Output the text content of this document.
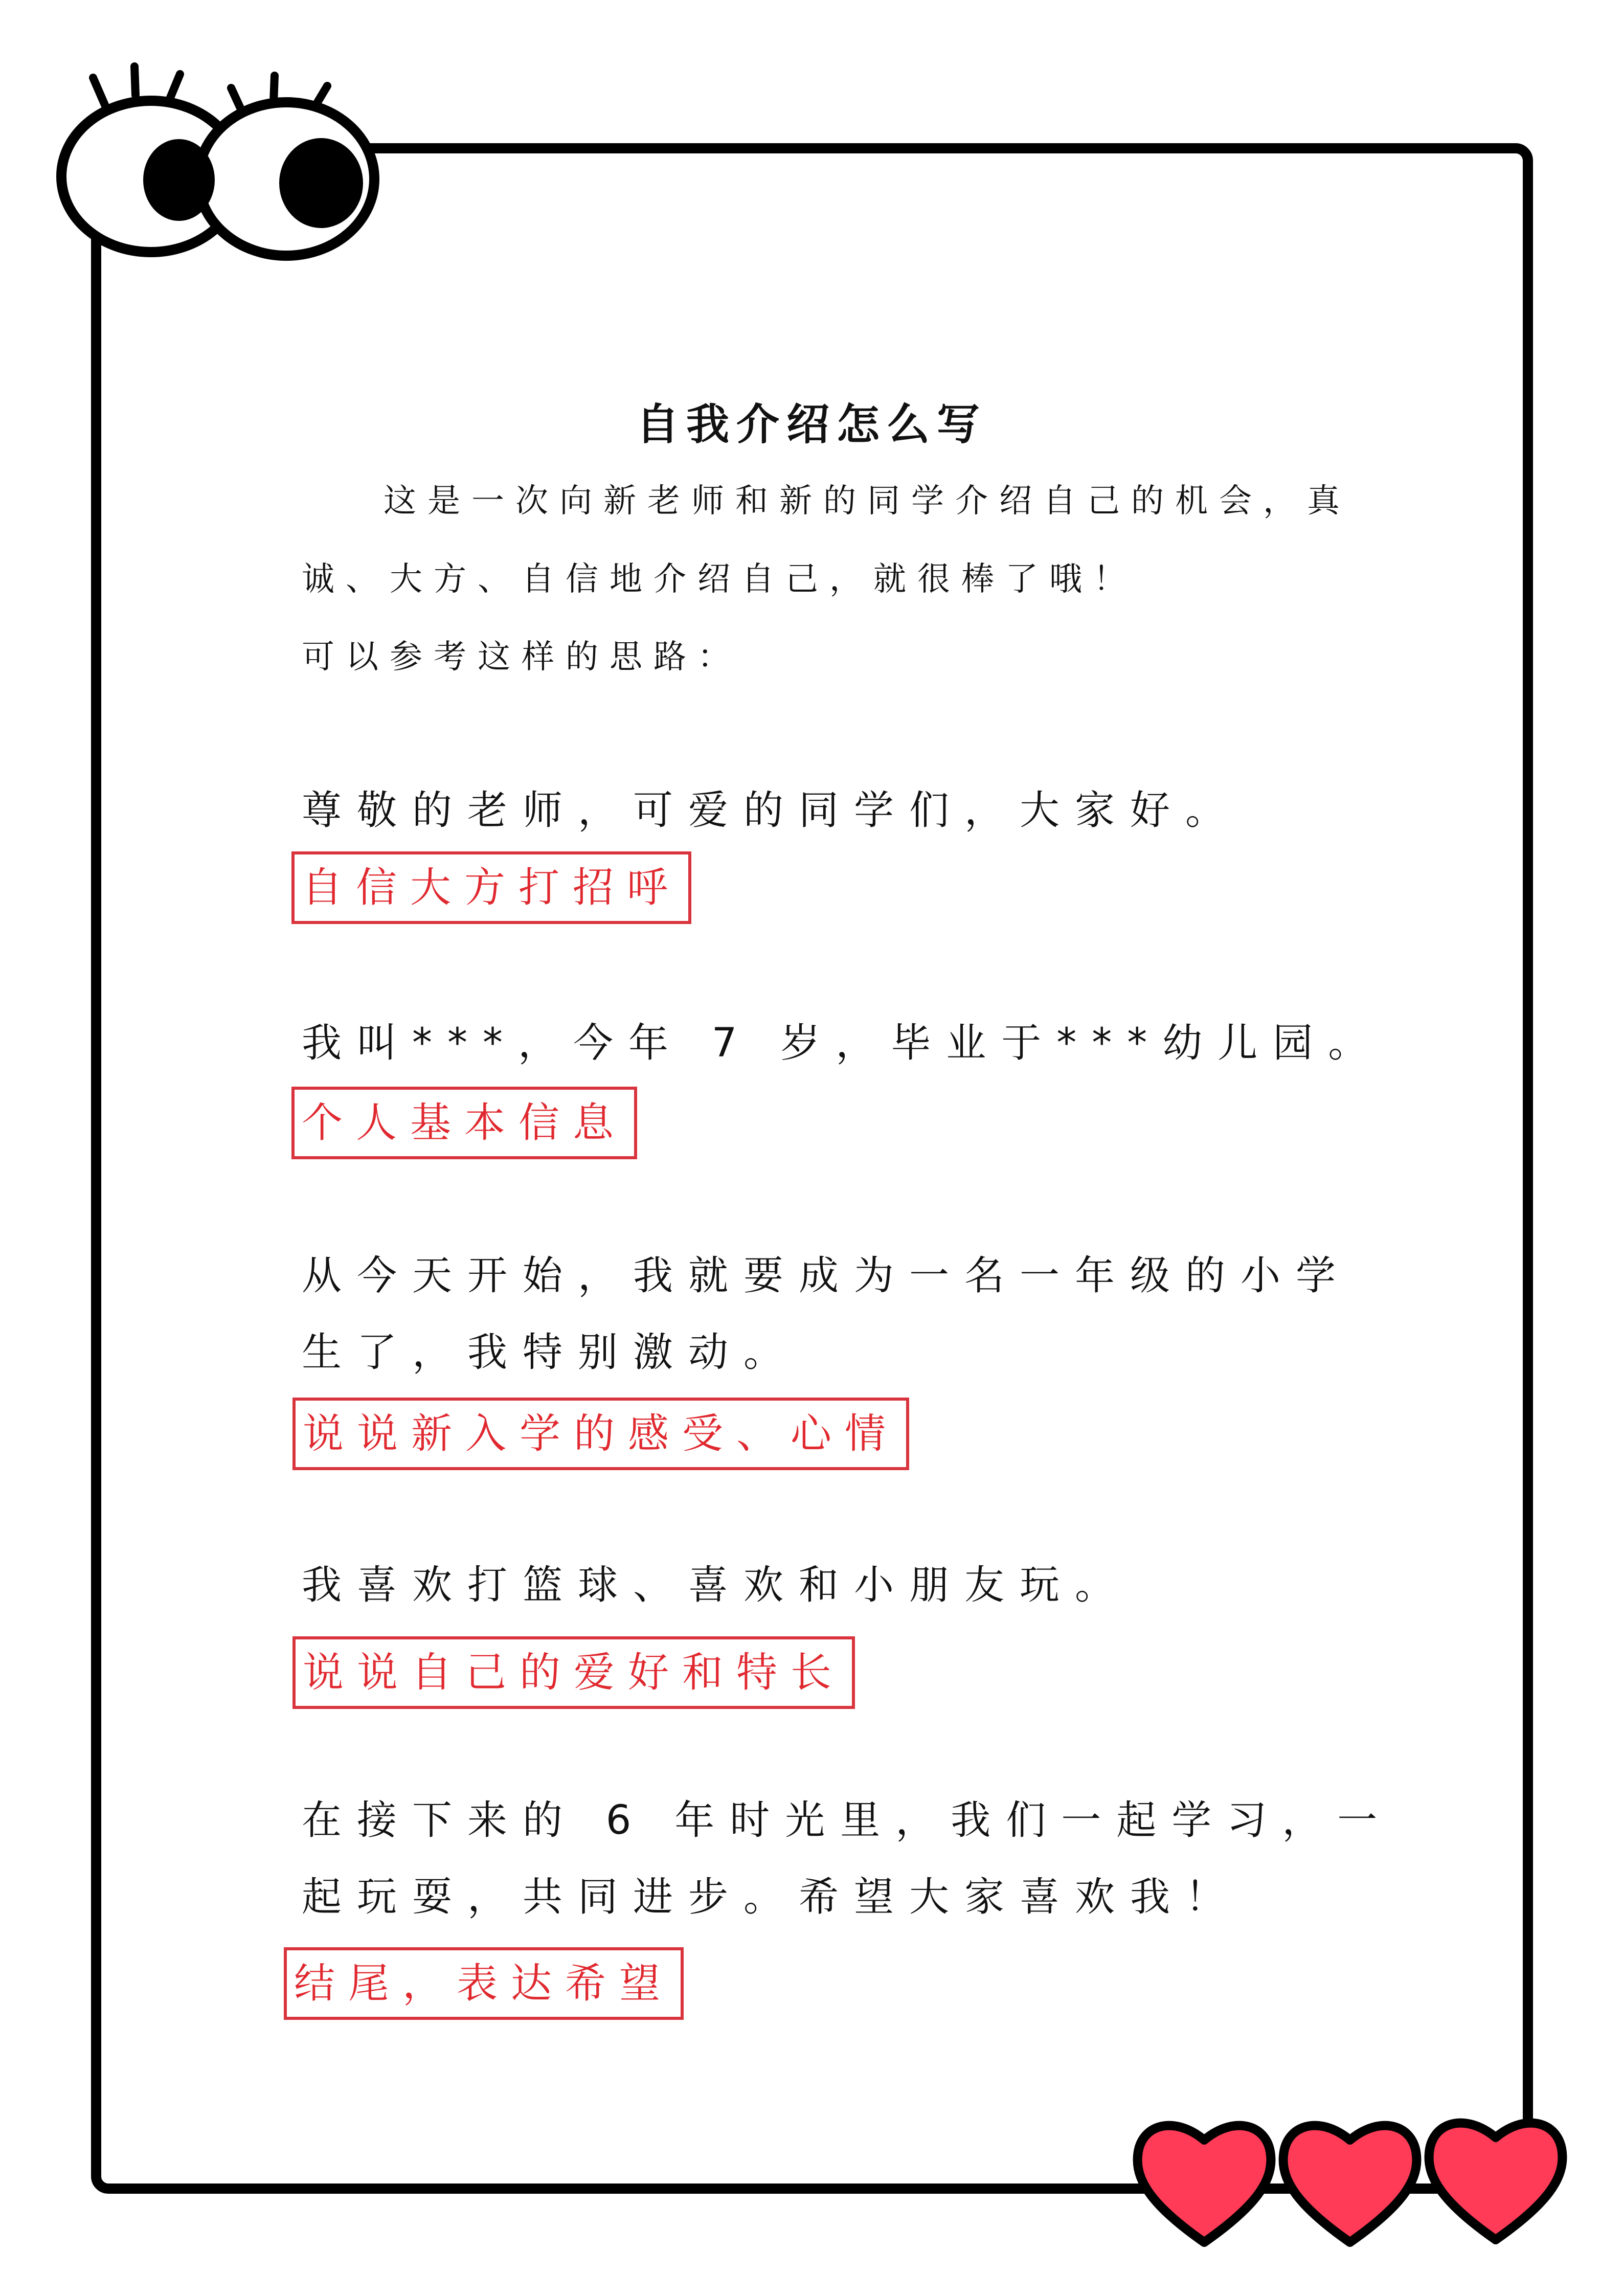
自我介绍怎么写
这是一次向新老师和新的同学介绍自己的机会，真
诚、大方、自信地介绍自己，就很棒了哦！
可以参考这样的思路：
尊敬的老师，可爱的同学们，大家好。
自信大方打招呼
我叫***，今年 7 岁，毕业于***幼儿园。
个人基本信息
从今天开始，我就要成为一名一年级的小学
生了，我特别激动。
说说新入学的感受、心情
我喜欢打篮球、喜欢和小朋友玩。
说说自己的爱好和特长
在接下来的 6 年时光里，我们一起学习，一
起玩耍，共同进步。希望大家喜欢我！
结尾，表达希望
